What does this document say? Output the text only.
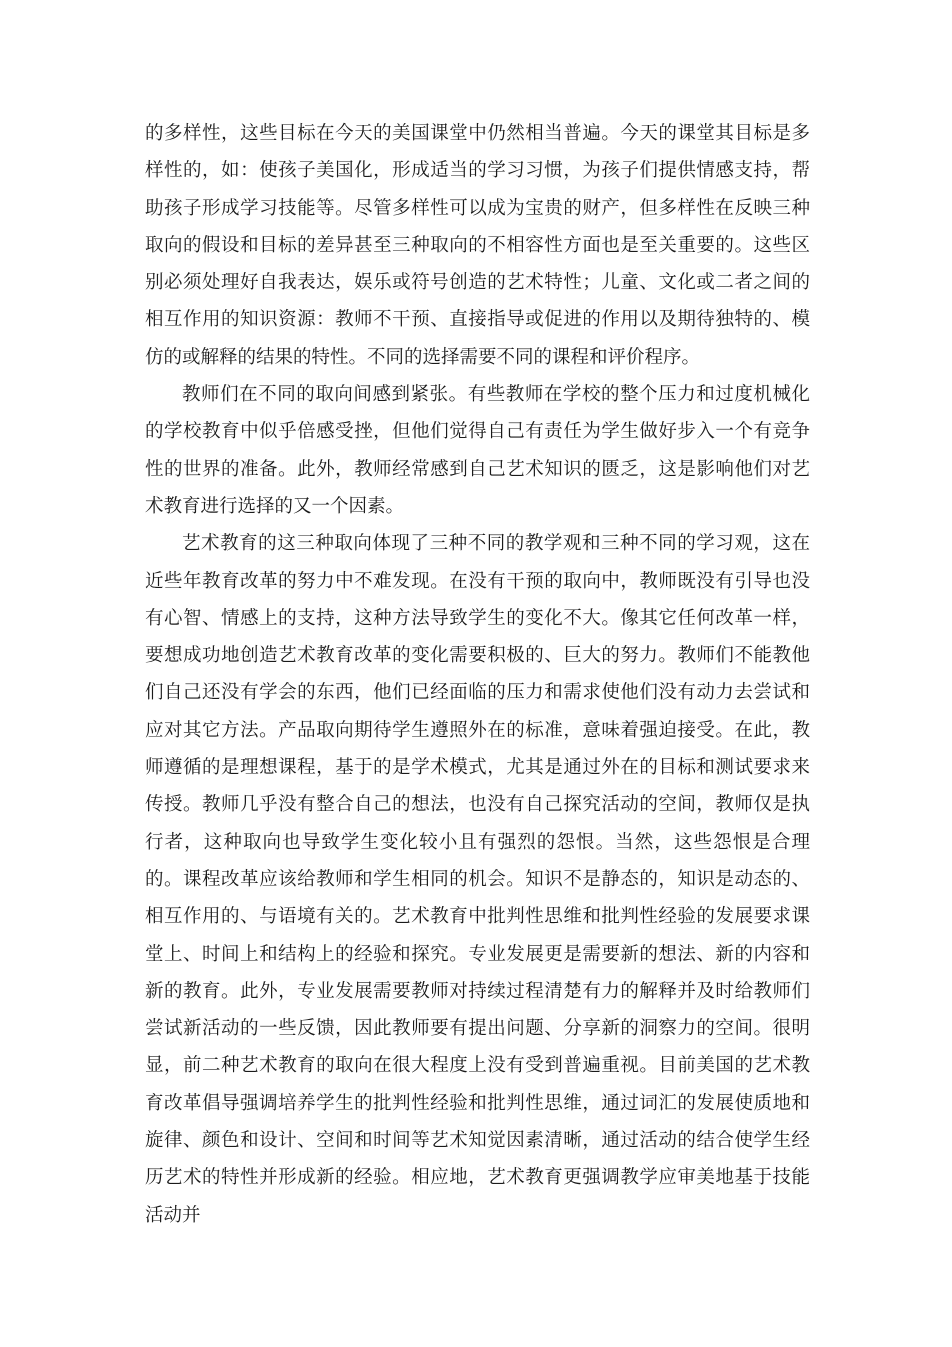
的多样性，这些目标在今天的美国课堂中仍然相当普遍。今天的课堂其目标是多样性的，如：使孩子美国化，形成适当的学习习惯，为孩子们提供情感支持，帮助孩子形成学习技能等。尽管多样性可以成为宝贵的财产，但多样性在反映三种取向的假设和目标的差异甚至三种取向的不相容性方面也是至关重要的。这些区别必须处理好自我表达，娱乐或符号创造的艺术特性；儿童、文化或二者之间的相互作用的知识资源：教师不干预、直接指导或促进的作用以及期待独特的、模仿的或解释的结果的特性。不同的选择需要不同的课程和评价程序。

教师们在不同的取向间感到紧张。有些教师在学校的整个压力和过度机械化的学校教育中似乎倍感受挫，但他们觉得自己有责任为学生做好步入一个有竞争性的世界的准备。此外，教师经常感到自己艺术知识的匮乏，这是影响他们对艺术教育进行选择的又一个因素。

艺术教育的这三种取向体现了三种不同的教学观和三种不同的学习观，这在近些年教育改革的努力中不难发现。在没有干预的取向中，教师既没有引导也没有心智、情感上的支持，这种方法导致学生的变化不大。像其它任何改革一样，要想成功地创造艺术教育改革的变化需要积极的、巨大的努力。教师们不能教他们自己还没有学会的东西，他们已经面临的压力和需求使他们没有动力去尝试和应对其它方法。产品取向期待学生遵照外在的标准，意味着强迫接受。在此，教师遵循的是理想课程，基于的是学术模式，尤其是通过外在的目标和测试要求来传授。教师几乎没有整合自己的想法，也没有自己探究活动的空间，教师仅是执行者，这种取向也导致学生变化较小且有强烈的怨恨。当然，这些怨恨是合理的。课程改革应该给教师和学生相同的机会。知识不是静态的，知识是动态的、相互作用的、与语境有关的。艺术教育中批判性思维和批判性经验的发展要求课堂上、时间上和结构上的经验和探究。专业发展更是需要新的想法、新的内容和新的教育。此外，专业发展需要教师对持续过程清楚有力的解释并及时给教师们尝试新活动的一些反馈，因此教师要有提出问题、分享新的洞察力的空间。很明显，前二种艺术教育的取向在很大程度上没有受到普遍重视。目前美国的艺术教育改革倡导强调培养学生的批判性经验和批判性思维，通过词汇的发展使质地和旋律、颜色和设计、空间和时间等艺术知觉因素清晰，通过活动的结合使学生经历艺术的特性并形成新的经验。相应地，艺术教育更强调教学应审美地基于技能活动并
